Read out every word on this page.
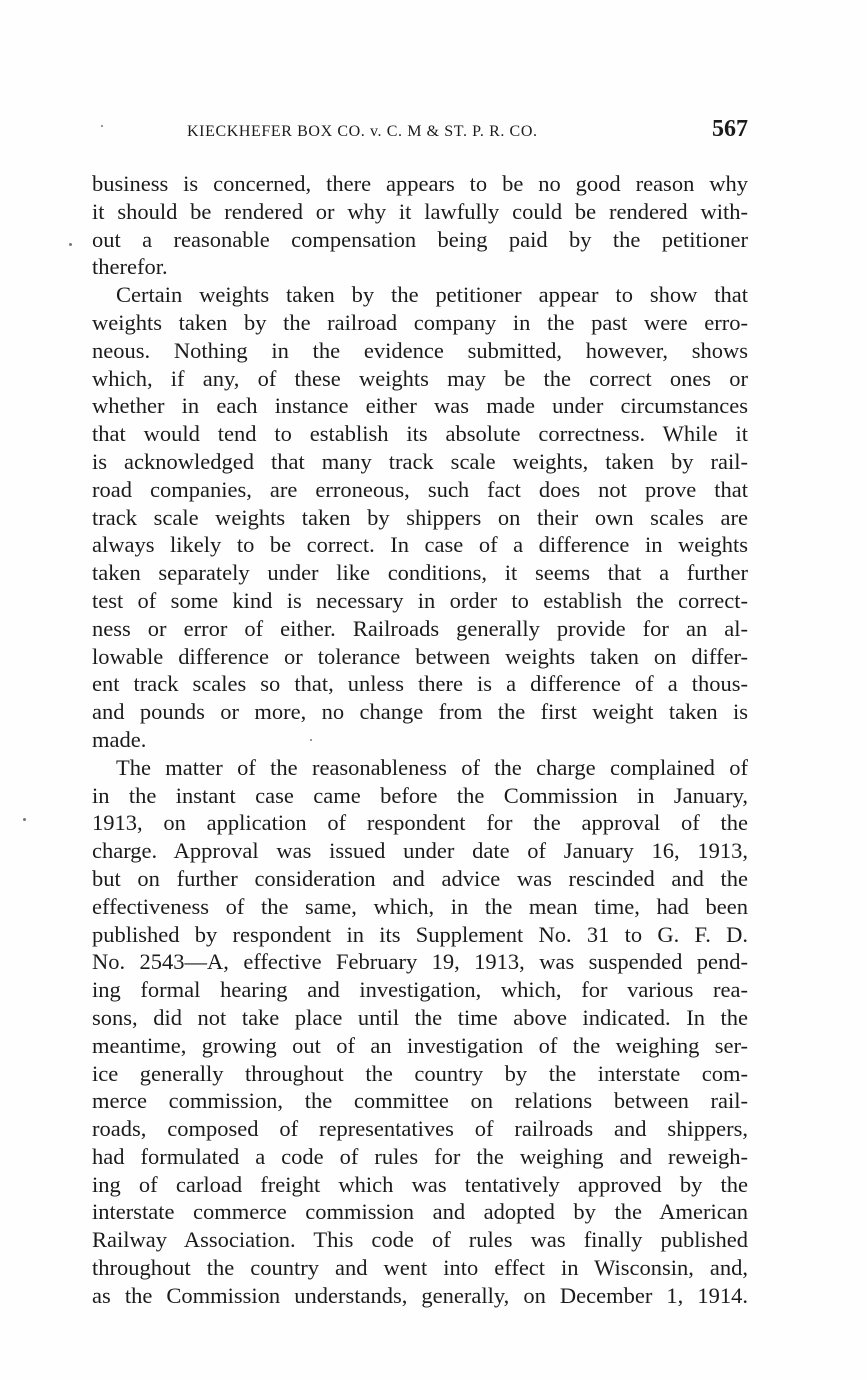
KIECKHEFER BOX CO. v. C. M & ST. P. R. CO.	567
business is concerned, there appears to be no good reason why
it should be rendered or why it lawfully could be rendered with-
out a reasonable compensation being paid by the petitioner
therefor.
Certain weights taken by the petitioner appear to show that
weights taken by the railroad company in the past were erro-
neous. Nothing in the evidence submitted, however, shows
which, if any, of these weights may be the correct ones or
whether in each instance either was made under circumstances
that would tend to establish its absolute correctness. While it
is acknowledged that many track scale weights, taken by rail-
road companies, are erroneous, such fact does not prove that
track scale weights taken by shippers on their own scales are
always likely to be correct. In case of a difference in weights
taken separately under like conditions, it seems that a further
test of some kind is necessary in order to establish the correct-
ness or error of either. Railroads generally provide for an al-
lowable difference or tolerance between weights taken on differ-
ent track scales so that, unless there is a difference of a thous-
and pounds or more, no change from the first weight taken is
made.
The matter of the reasonableness of the charge complained of
in the instant case came before the Commission in January,
1913, on application of respondent for the approval of the
charge. Approval was issued under date of January 16, 1913,
but on further consideration and advice was rescinded and the
effectiveness of the same, which, in the mean time, had been
published by respondent in its Supplement No. 31 to G. F. D.
No. 2543—A, effective February 19, 1913, was suspended pend-
ing formal hearing and investigation, which, for various rea-
sons, did not take place until the time above indicated. In the
meantime, growing out of an investigation of the weighing ser-
ice generally throughout the country by the interstate com-
merce commission, the committee on relations between rail-
roads, composed of representatives of railroads and shippers,
had formulated a code of rules for the weighing and reweigh-
ing of carload freight which was tentatively approved by the
interstate commerce commission and adopted by the American
Railway Association. This code of rules was finally published
throughout the country and went into effect in Wisconsin, and,
as the Commission understands, generally, on December 1, 1914.
